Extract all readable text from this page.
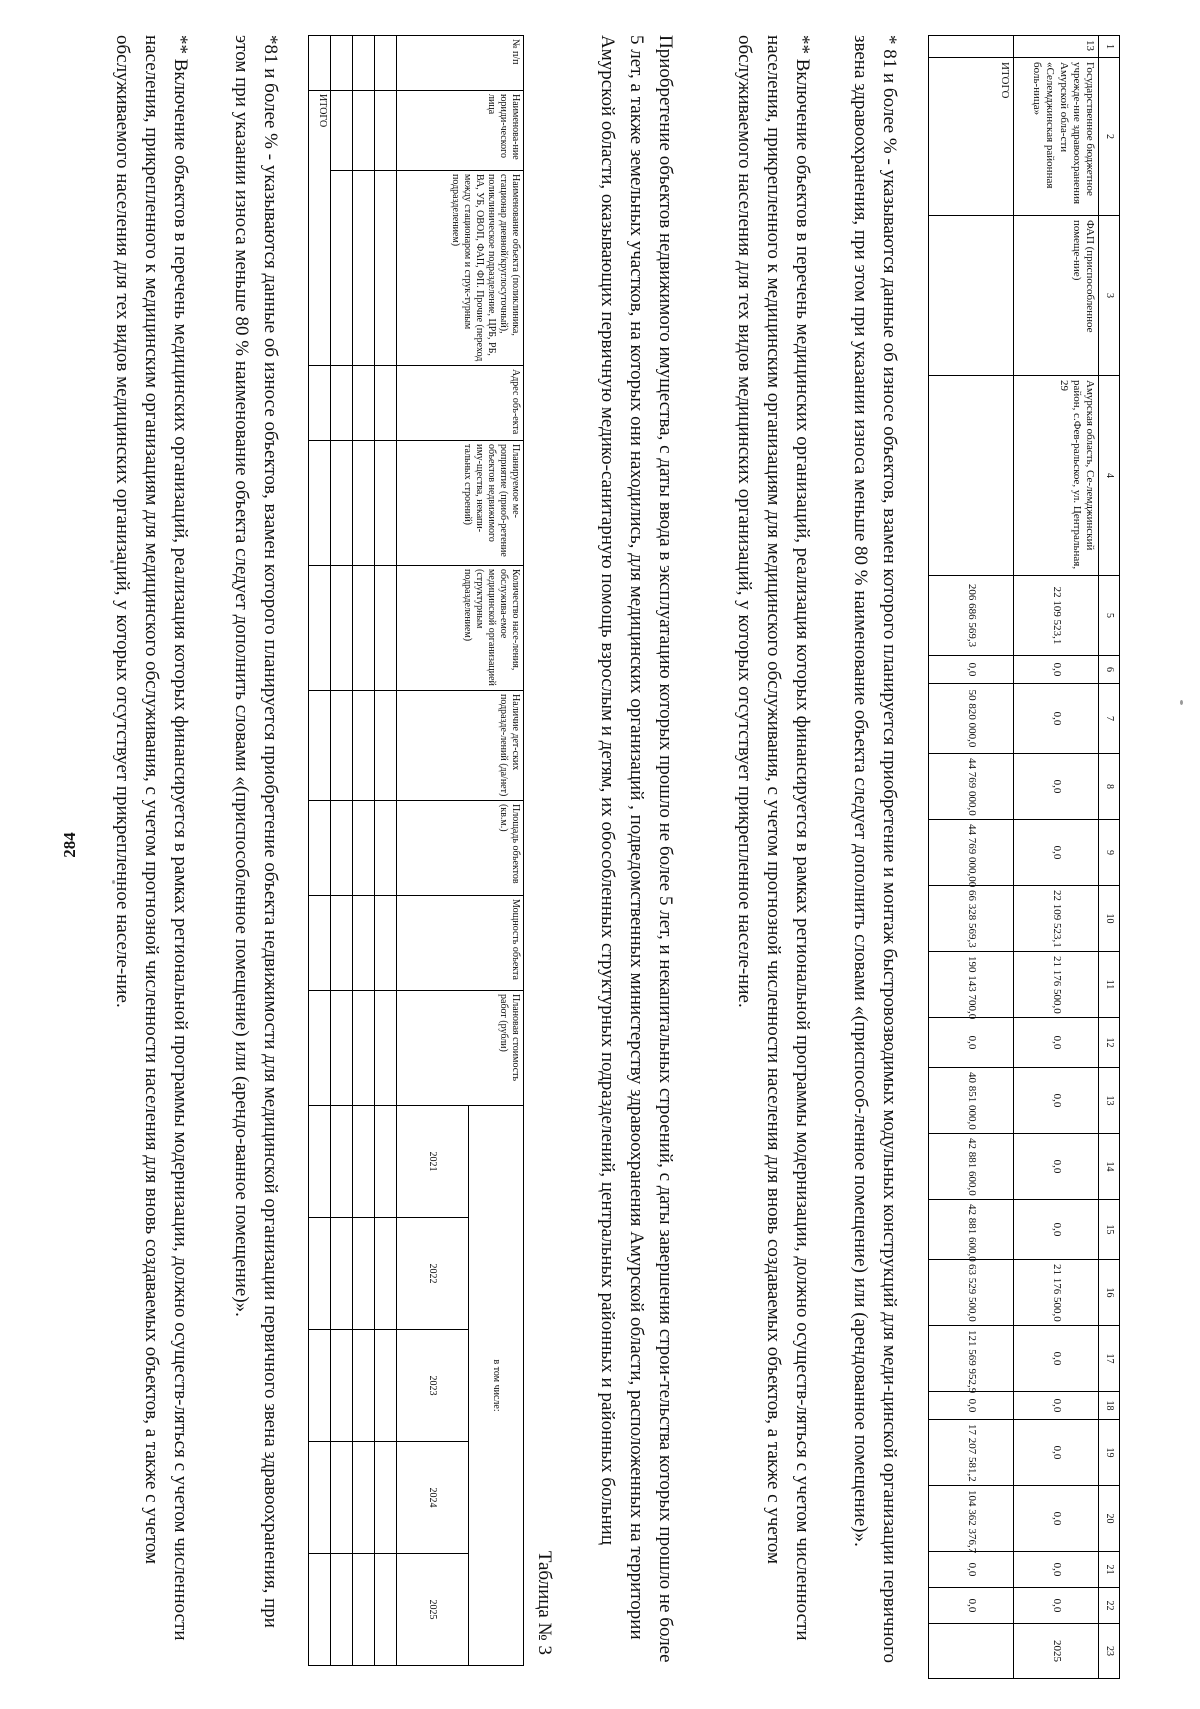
284
1	2	3	4	5	6	7	8	9	10	11	12	13	14	15	16	17	18	19	20	21	22	23
13	Государственное бюджетное учрежде-ние здравоохранения Амурской обла-сти «Селемджинская районная боль-ница»	ФАП (приспособленное помеще-ние)	Амурская область, Се-лемджинский район, с.Фев-ральское, ул. Центральная, 29	22 109 523,1	0,0	0,0	0,0	0,0	22 109 523,1	21 176 500,0	0,0	0,0	0,0	0,0	21 176 500,0	0,0	0,0	0,0	0,0	0,0	0,0	2025
	ИТОГО			206 686 569,3	0,0	50 820 000,0	44 769 000,0	44 769 000,00	66 328 569,3	190 143 700,0	0,0	40 851 000,0	42 881 600,0	42 881 600,0	63 529 500,0	121 569 952,9	0,0	17 207 581,2	104 362 376,7	0,0	0,0	

* 81 и более % - указываются данные об износе объектов, взамен которого планируется приобретение и монтаж быстровозводимых модульных конструкций для меди-цинской организации первичного звена здравоохранения, при этом при указании износа меньше 80 % наименование объекта следует дополнить словами «(приспособ-ленное помещение) или (арендованное помещение)».

** Включение объектов в перечень медицинских организаций, реализация которых финансируется в рамках региональной программы модернизации, должно осуществ-ляться с учетом численности населения, прикрепленного к медицинским организациям для медицинского обслуживания, с учетом прогнозной численности населения для вновь создаваемых объектов, а также с учетом обслуживаемого населения для тех видов медицинских организаций, у которых отсутствует прикрепленное населе-ние.

Приобретение объектов недвижимого имущества, с даты ввода в эксплуатацию которых прошло не более 5 лет, и некапитальных строений, с даты завершения строи-тельства которых прошло не более 5 лет, а также земельных участков, на которых они находились, для медицинских организаций , подведомственных министерству здравоохранения Амурской области, расположенных на территории Амурской области, оказывающих первичную медико-санитарную помощь взрослым и детям, их обособленных структурных подразделений, центральных районных и районных больниц

Таблица № 3
№ п/п	Наименова-ние юриди-ческого лица	Наименование объекта (поликлиника, стационар дневной/круглосуточный), поликлиническое подразделение, ЦРБ, РБ, ВА, УБ, ОВОП, ФАП, ФП. Прочие (переход между стационаром и струк-турным подразделением)	Адрес объ-екта	Планируемое ме-роприятие (приоб-ретение объектов недвижимого иму-щества, некапи-тальных строений)	Количество насе-ления, обслужива-емое медицинской организацией (структурным подразделением)	Наличие дет-ских подразде-лений (да/нет)	Площадь объектов (кв.м.)	Мощность объекта	Плановая стоимость работ (рубли)	в том числе:				
										2021	2022	2023	2024	2025

	ИТОГО													

*81 и более % - указываются данные об износе объектов, взамен которого планируется приобретение объекта недвижимости для медицинской организации первичного звена здравоохранения, при этом при указании износа меньше 80 % наименование объекта следует дополнить словами «(приспособленное помещение) или (арендо-ванное помещение)».

** Включение объектов в перечень медицинских организаций, реализация которых финансируется в рамках региональной программы модернизации, должно осуществ-ляться с учетом численности населения, прикрепленного к медицинским организациям для медицинского обслуживания, с учетом прогнозной численности населения для вновь создаваемых объектов, а также с учетом обслуживаемого населения для тех видов медицинских организаций, у которых отсутствует прикрепленное населе-ние.
